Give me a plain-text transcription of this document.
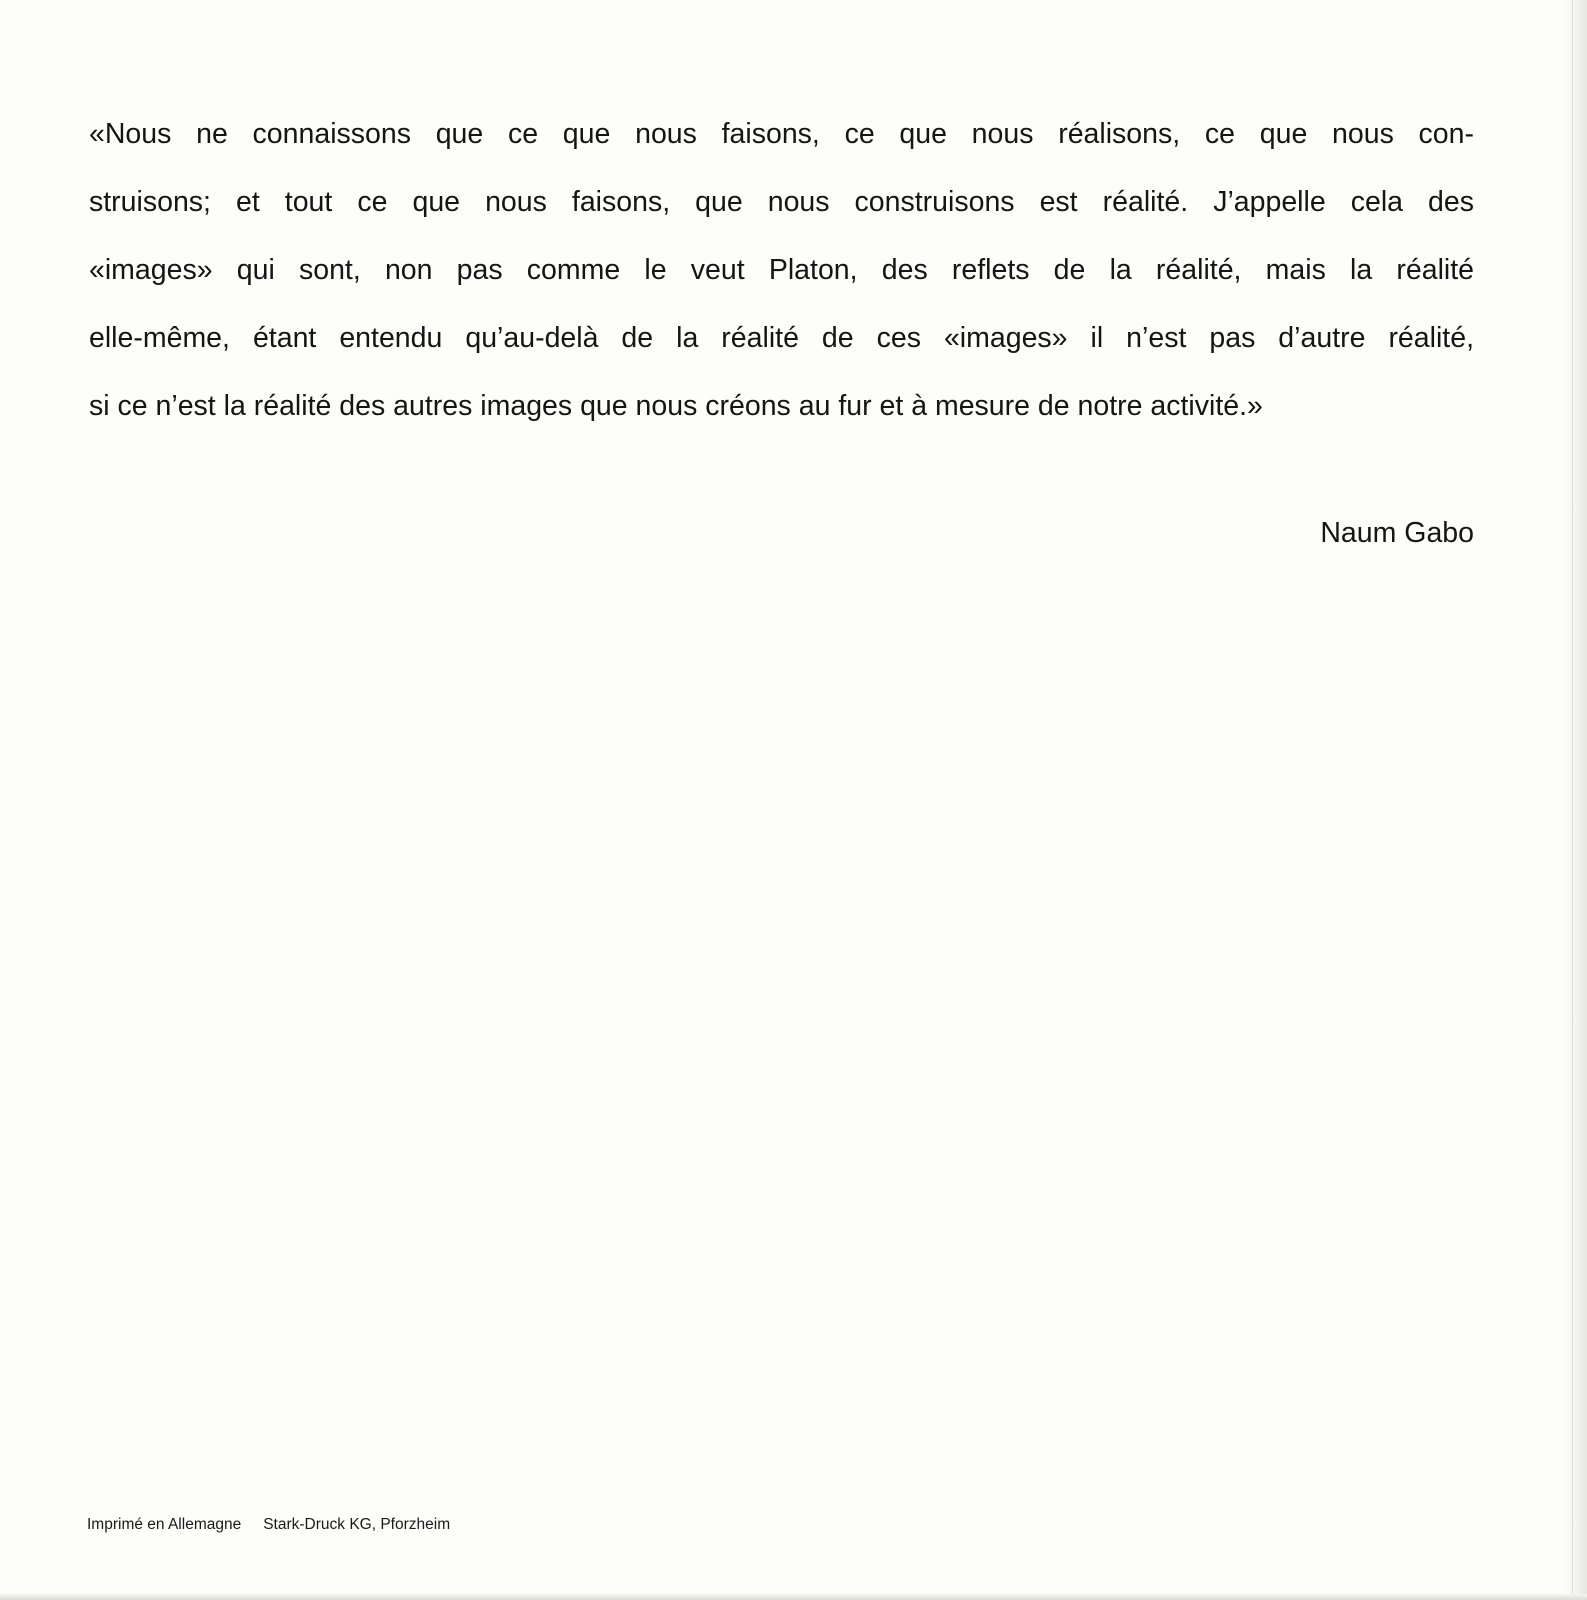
«Nous ne connaissons que ce que nous faisons, ce que nous réalisons, ce que nous con-
struisons; et tout ce que nous faisons, que nous construisons est réalité. J’appelle cela des
«images» qui sont, non pas comme le veut Platon, des reflets de la réalité, mais la réalité
elle-même, étant entendu qu’au-delà de la réalité de ces «images» il n’est pas d’autre réalité,
si ce n’est la réalité des autres images que nous créons au fur et à mesure de notre activité.»
Naum Gabo
Imprimé en Allemagne Stark-Druck KG, Pforzheim
